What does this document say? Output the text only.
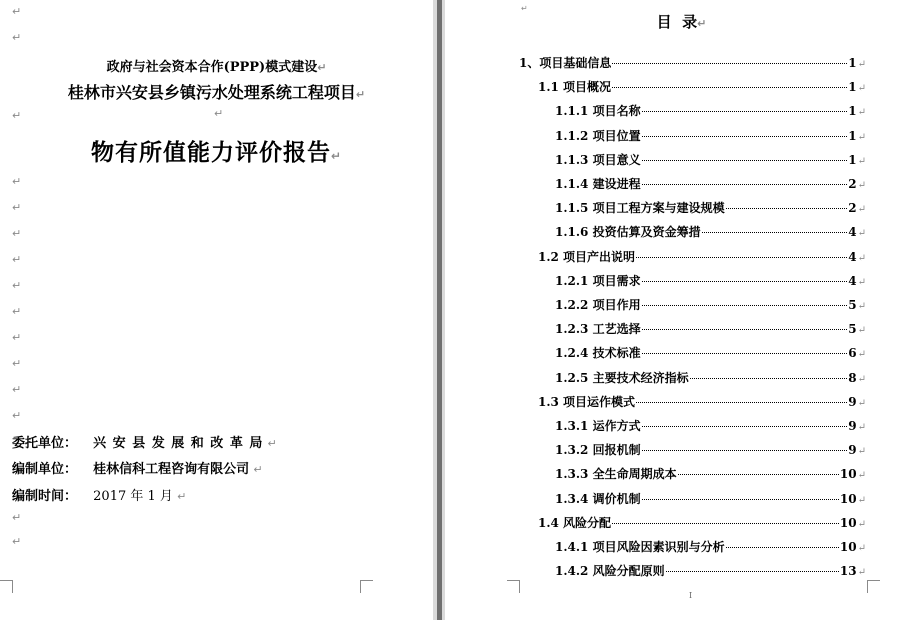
↵
↵
↵
↵
↵
↵
↵
↵
↵
↵
↵
↵
↵
↵
↵
↵
政府与社会资本合作(PPP)模式建设↵
桂林市兴安县乡镇污水处理系统工程项目↵
物有所值能力评价报告↵
委托单位： 兴 安 县 发 展 和 改 革 局 ↵
编制单位： 桂林信科工程咨询有限公司 ↵
编制时间： 2017 年 1 月 ↵
↵
目  录↵
1、项目基础信息	1 ↵
1.1 项目概况	1 ↵
1.1.1 项目名称	1 ↵
1.1.2 项目位置	1 ↵
1.1.3 项目意义	1 ↵
1.1.4 建设进程	2 ↵
1.1.5 项目工程方案与建设规模	2 ↵
1.1.6 投资估算及资金筹措	4 ↵
1.2 项目产出说明	4 ↵
1.2.1 项目需求	4 ↵
1.2.2 项目作用	5 ↵
1.2.3 工艺选择	5 ↵
1.2.4 技术标准	6 ↵
1.2.5 主要技术经济指标	8 ↵
1.3 项目运作模式	9 ↵
1.3.1 运作方式	9 ↵
1.3.2 回报机制	9 ↵
1.3.3 全生命周期成本	10 ↵
1.3.4 调价机制	10 ↵
1.4 风险分配	10 ↵
1.4.1 项目风险因素识别与分析	10 ↵
1.4.2 风险分配原则	13 ↵
I
